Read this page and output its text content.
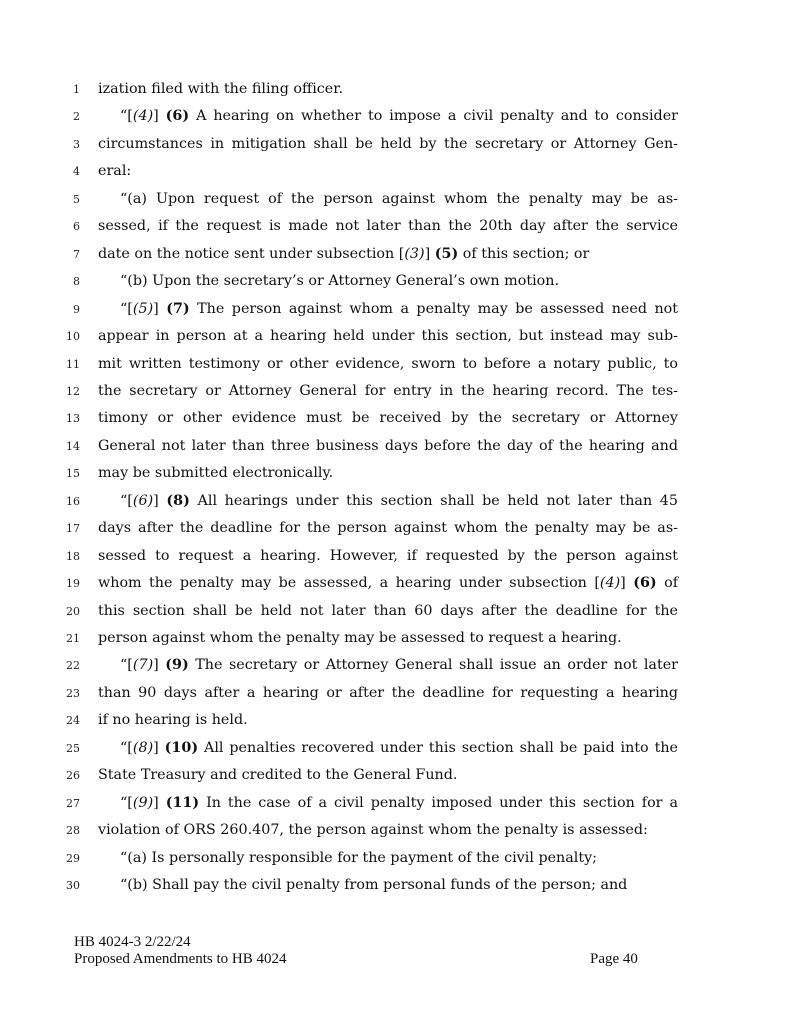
1 ization filed with the filing officer.
2	“[(4)] (6) A hearing on whether to impose a civil penalty and to consider
3 circumstances in mitigation shall be held by the secretary or Attorney Gen-
4 eral:
5	“(a) Upon request of the person against whom the penalty may be as-
6 sessed, if the request is made not later than the 20th day after the service
7 date on the notice sent under subsection [(3)] (5) of this section; or
8	“(b) Upon the secretary’s or Attorney General’s own motion.
9	“[(5)] (7) The person against whom a penalty may be assessed need not
10 appear in person at a hearing held under this section, but instead may sub-
11 mit written testimony or other evidence, sworn to before a notary public, to
12 the secretary or Attorney General for entry in the hearing record. The tes-
13 timony or other evidence must be received by the secretary or Attorney
14 General not later than three business days before the day of the hearing and
15 may be submitted electronically.
16	“[(6)] (8) All hearings under this section shall be held not later than 45
17 days after the deadline for the person against whom the penalty may be as-
18 sessed to request a hearing. However, if requested by the person against
19 whom the penalty may be assessed, a hearing under subsection [(4)] (6) of
20 this section shall be held not later than 60 days after the deadline for the
21 person against whom the penalty may be assessed to request a hearing.
22	“[(7)] (9) The secretary or Attorney General shall issue an order not later
23 than 90 days after a hearing or after the deadline for requesting a hearing
24 if no hearing is held.
25	“[(8)] (10) All penalties recovered under this section shall be paid into the
26 State Treasury and credited to the General Fund.
27	“[(9)] (11) In the case of a civil penalty imposed under this section for a
28 violation of ORS 260.407, the person against whom the penalty is assessed:
29	“(a) Is personally responsible for the payment of the civil penalty;
30	“(b) Shall pay the civil penalty from personal funds of the person; and
HB 4024-3 2/22/24
Proposed Amendments to HB 4024	Page 40
